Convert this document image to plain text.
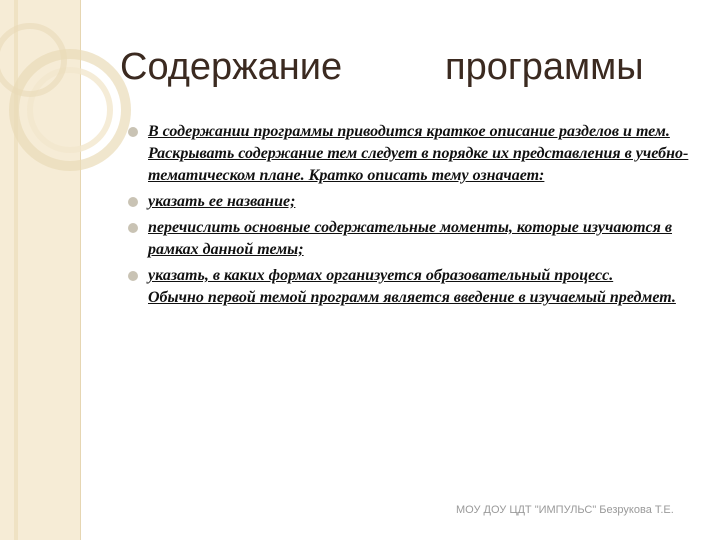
Содержание	программы
В содержании программы приводится краткое описание разделов и тем. Раскрывать содержание тем следует в порядке их представления в учебно-тематическом плане. Кратко описать тему означает:
указать ее название;
перечислить основные содержательные моменты, которые изучаются в рамках данной темы;
указать, в каких формах организуется образовательный процесс.
Обычно первой темой программ является введение в изучаемый предмет.
МОУ ДОУ ЦДТ "ИМПУЛЬС" Безрукова Т.Е.
